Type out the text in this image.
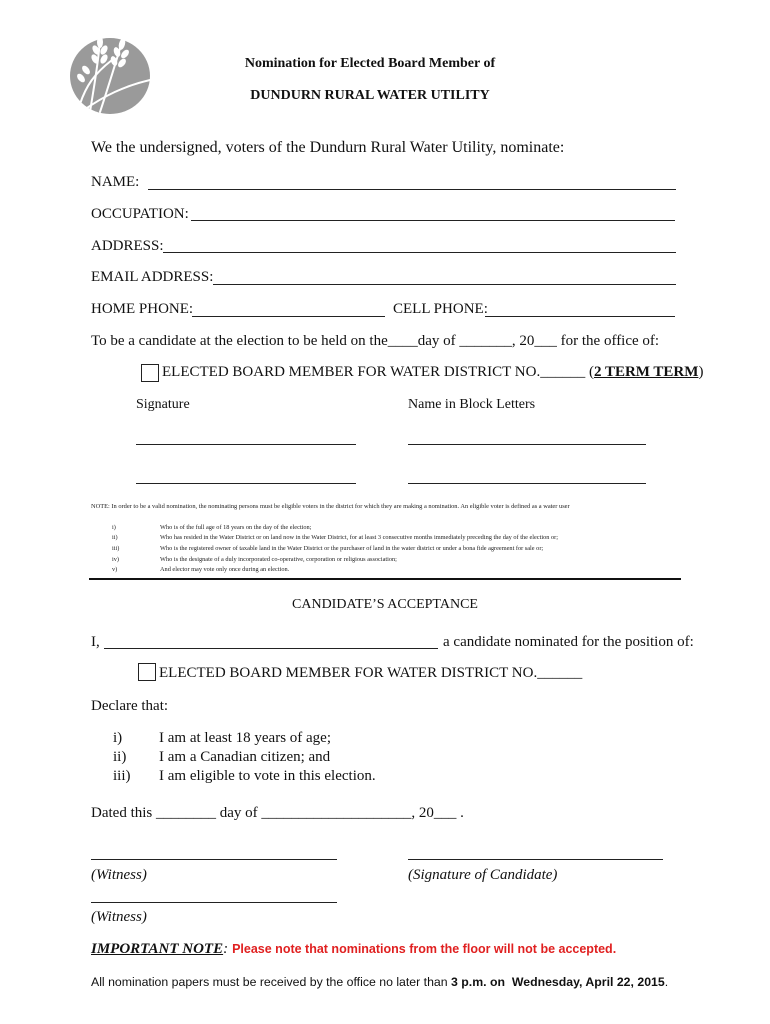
Nomination for Elected Board Member of
DUNDURN RURAL WATER UTILITY
We the undersigned, voters of the Dundurn Rural Water Utility, nominate:
NAME:
OCCUPATION:
ADDRESS:
EMAIL ADDRESS:
HOME PHONE:	CELL PHONE:
To be a candidate at the election to be held on the____day of _______, 20___ for the office of:
ELECTED BOARD MEMBER FOR WATER DISTRICT NO.______ (2 TERM TERM)
Signature	Name in Block Letters
NOTE: In order to be a valid nomination, the nominating persons must be eligible voters in the district for which they are making a nomination. An eligible voter is defined as a water user
i)	Who is of the full age of 18 years on the day of the election;
ii)	Who has resided in the Water District or on land now in the Water District, for at least 3 consecutive months immediately preceding the day of the election or;
iii)	Who is the registered owner of taxable land in the Water District or the purchaser of land in the water district or under a bona fide agreement for sale or;
iv)	Who is the designate of a duly incorporated co-operative, corporation or religious association;
v)	And elector may vote only once during an election.
CANDIDATE’S ACCEPTANCE
I,	a candidate nominated for the position of:
ELECTED BOARD MEMBER FOR WATER DISTRICT NO.______
Declare that:
i) I am at least 18 years of age;
ii) I am a Canadian citizen; and
iii) I am eligible to vote in this election.
Dated this ________ day of ____________________, 20___ .
(Witness)	(Signature of Candidate)
(Witness)
IMPORTANT NOTE: Please note that nominations from the floor will not be accepted.
All nomination papers must be received by the office no later than 3 p.m. on Wednesday, April 22, 2015.
